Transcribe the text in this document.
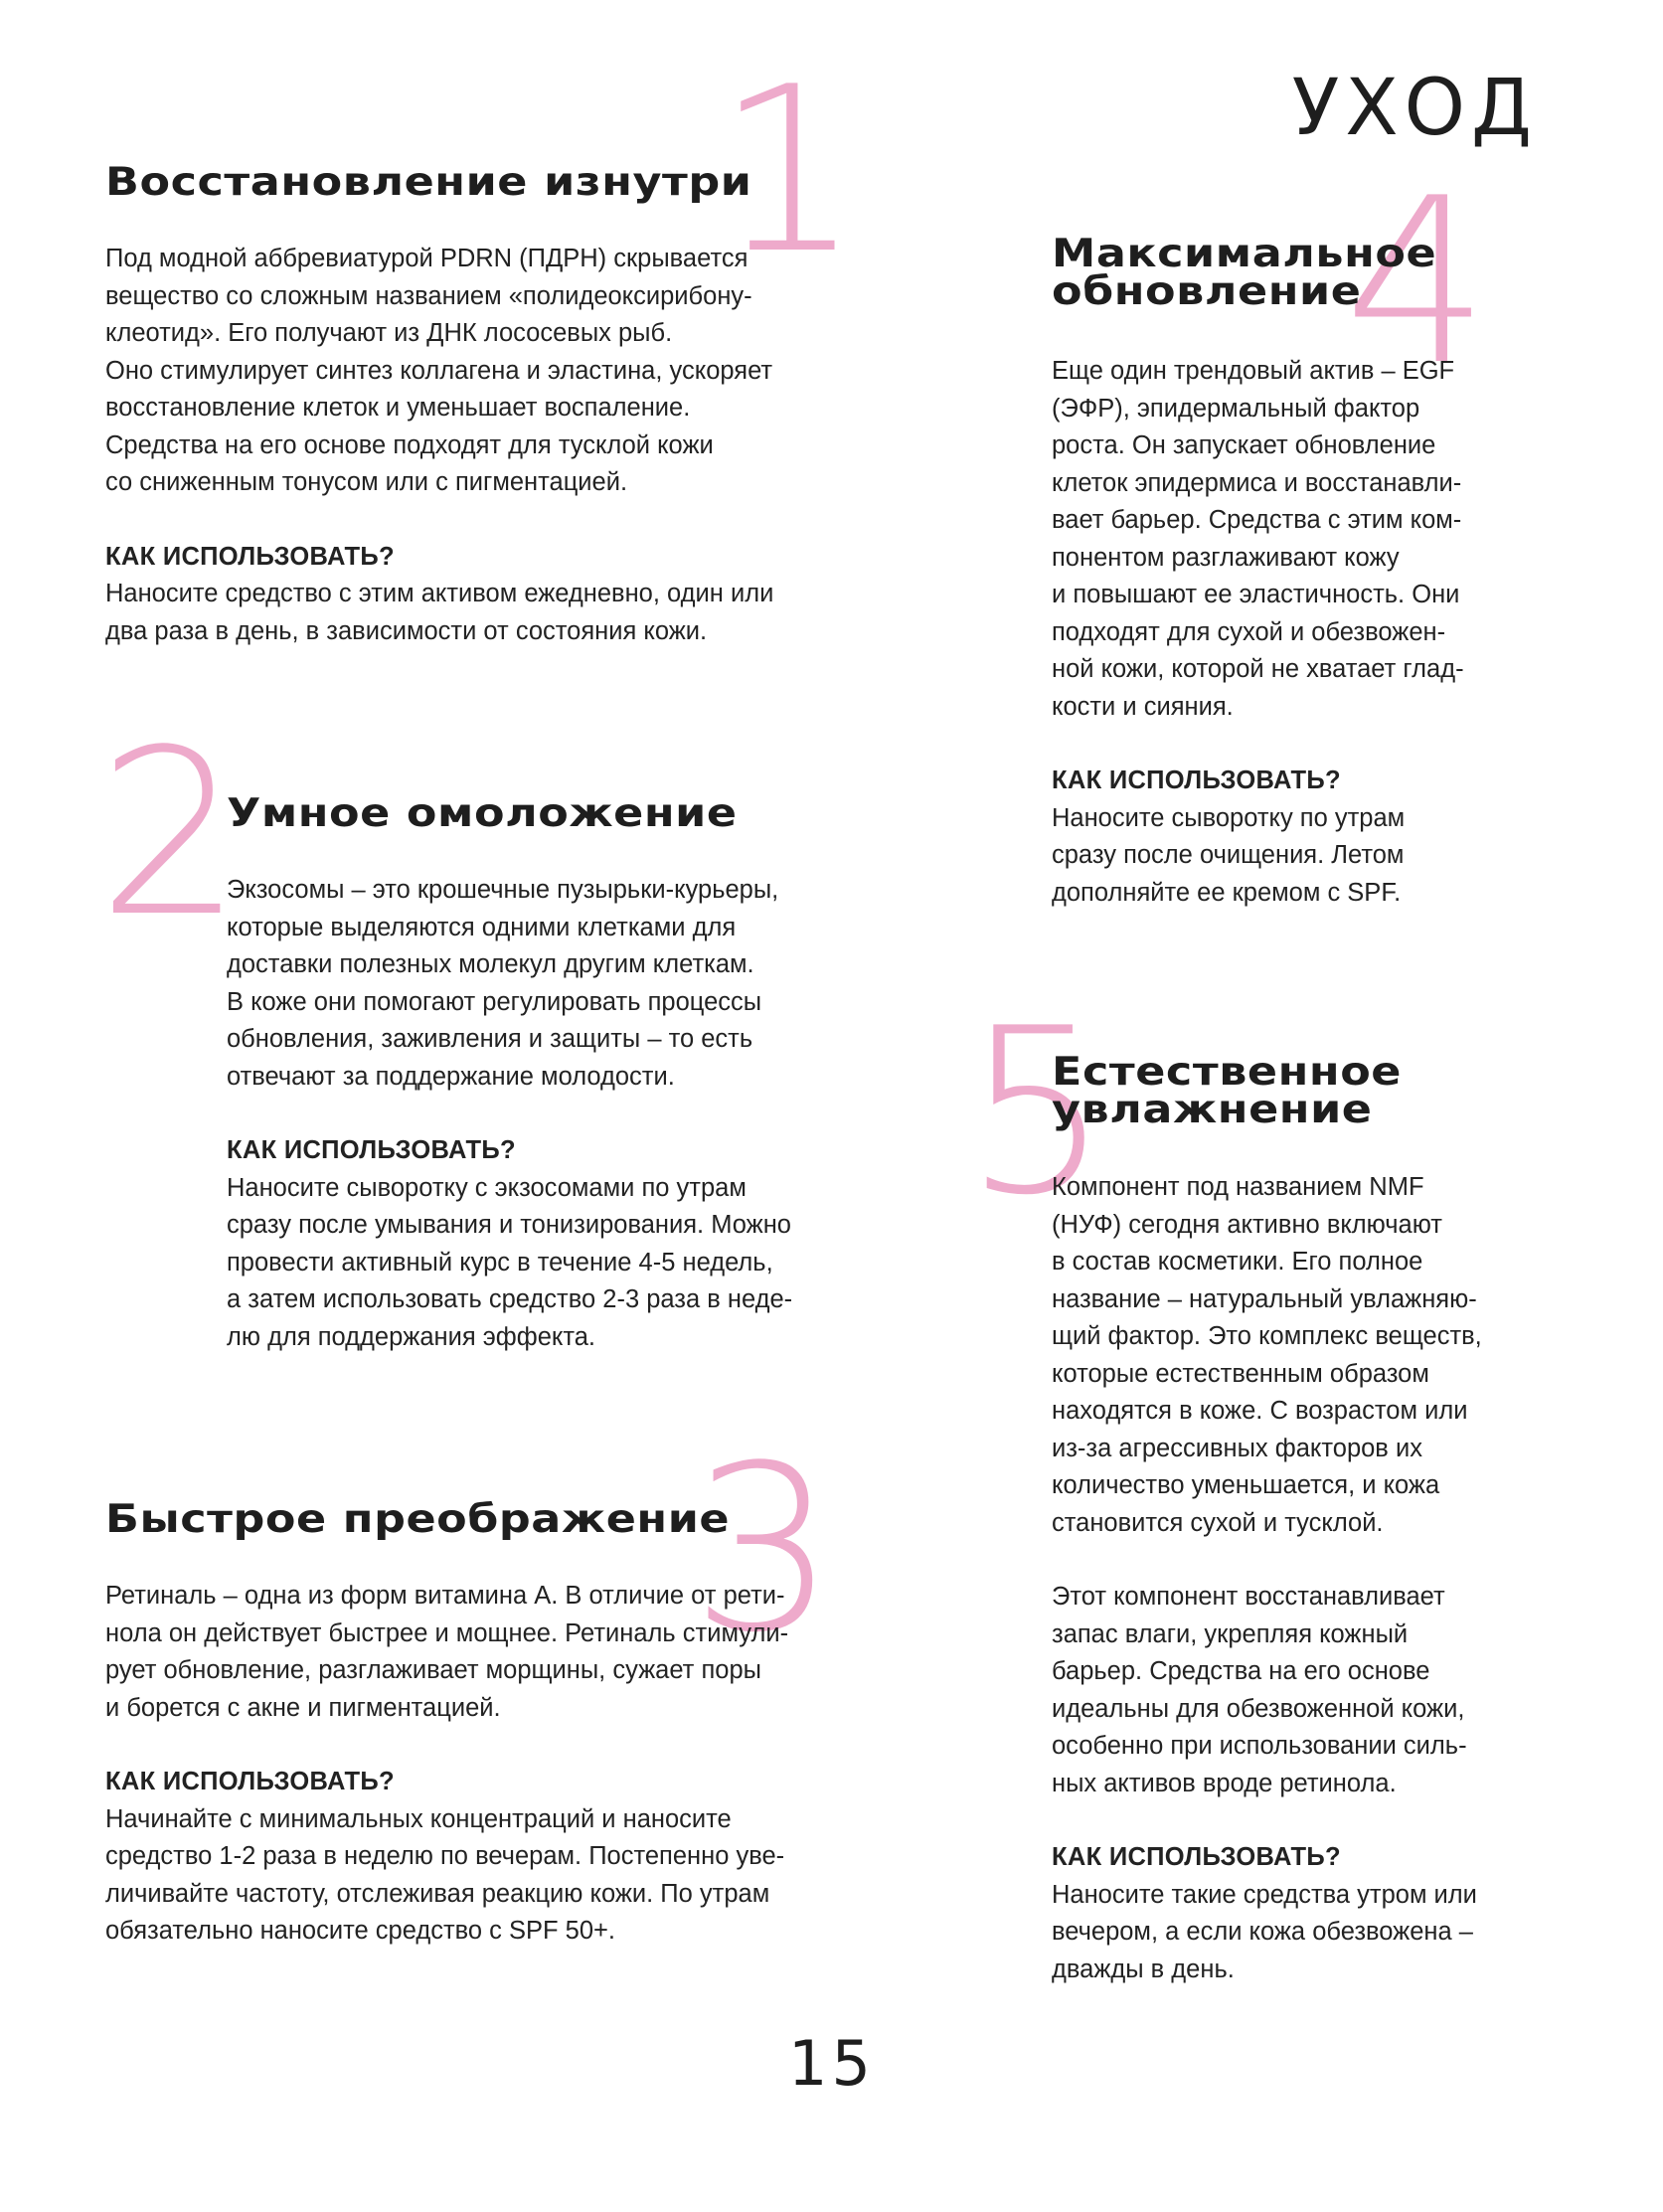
УХОД
1
Восстановление изнутри

Под модной аббревиатурой PDRN (ПДРН) скрывается

вещество со сложным названием «полидеоксирибону-

клеотид». Его получают из ДНК лососевых рыб.

Оно стимулирует синтез коллагена и эластина, ускоряет

восстановление клеток и уменьшает воспаление.

Средства на его основе подходят для тусклой кожи

со сниженным тонусом или с пигментацией.

КАК ИСПОЛЬЗОВАТЬ?

Наносите средство с этим активом ежедневно, один или

два раза в день, в зависимости от состояния кожи.

2
Умное омоложение

Экзосомы – это крошечные пузырьки-курьеры,

которые выделяются одними клетками для

доставки полезных молекул другим клеткам.

В коже они помогают регулировать процессы

обновления, заживления и защиты – то есть

отвечают за поддержание молодости.

КАК ИСПОЛЬЗОВАТЬ?

Наносите сыворотку с экзосомами по утрам

сразу после умывания и тонизирования. Можно

провести активный курс в течение 4-5 недель,

а затем использовать средство 2-3 раза в неде-

лю для поддержания эффекта.

3
Быстрое преображение

Ретиналь – одна из форм витамина А. В отличие от рети-

нола он действует быстрее и мощнее. Ретиналь стимули-

рует обновление, разглаживает морщины, сужает поры

и борется с акне и пигментацией.

КАК ИСПОЛЬЗОВАТЬ?

Начинайте с минимальных концентраций и наносите

средство 1-2 раза в неделю по вечерам. Постепенно уве-

личивайте частоту, отслеживая реакцию кожи. По утрам

обязательно наносите средство с SPF 50+.

4
Максимальное
обновление

Еще один трендовый актив – EGF

(ЭФР), эпидермальный фактор

роста. Он запускает обновление

клеток эпидермиса и восстанавли-

вает барьер. Средства с этим ком-

понентом разглаживают кожу

и повышают ее эластичность. Они

подходят для сухой и обезвожен-

ной кожи, которой не хватает глад-

кости и сияния.

КАК ИСПОЛЬЗОВАТЬ?

Наносите сыворотку по утрам

сразу после очищения. Летом

дополняйте ее кремом с SPF.

5
Естественное
увлажнение

Компонент под названием NMF

(НУФ) сегодня активно включают

в состав косметики. Его полное

название – натуральный увлажняю-

щий фактор. Это комплекс веществ,

которые естественным образом

находятся в коже. С возрастом или

из-за агрессивных факторов их

количество уменьшается, и кожа

становится сухой и тусклой.

Этот компонент восстанавливает

запас влаги, укрепляя кожный

барьер. Средства на его основе

идеальны для обезвоженной кожи,

особенно при использовании силь-

ных активов вроде ретинола.

КАК ИСПОЛЬЗОВАТЬ?

Наносите такие средства утром или

вечером, а если кожа обезвожена –

дважды в день.

15
